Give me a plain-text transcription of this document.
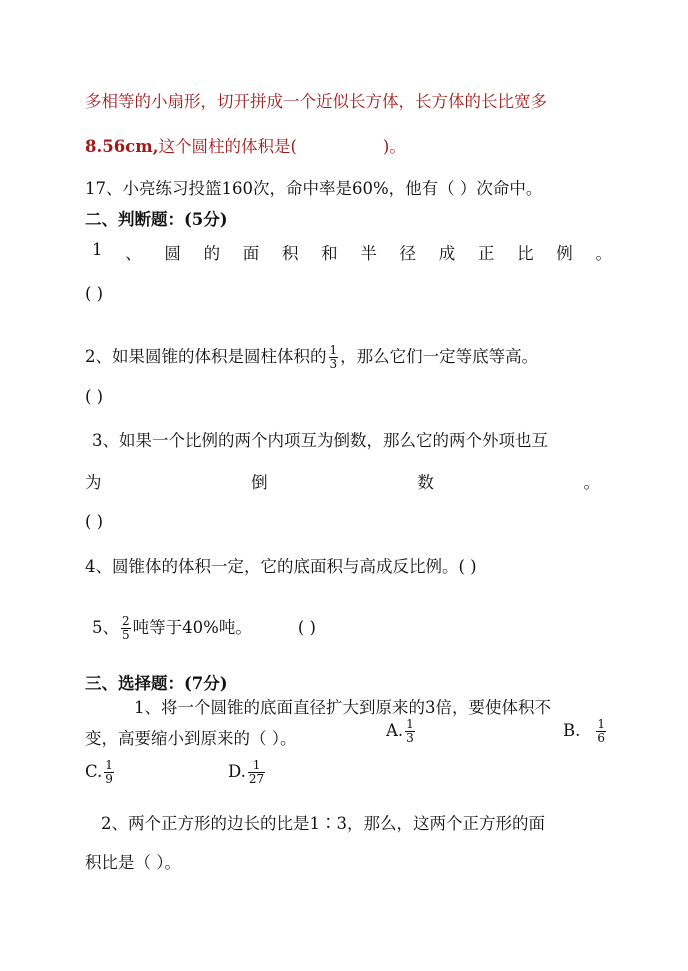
多相等的小扇形，切开拼成一个近似长方体，长方体的长比宽多
8.56cm,这个圆柱的体积是(	)。
17、小亮练习投篮160次，命中率是60%，他有（ ）次命中。
二、判断题：(5分)
1 、 圆 的 面 积 和 半 径 成 正 比 例 。
( )
2、如果圆锥的体积是圆柱体积的 $\frac{1}{3}$ ，那么它们一定等底等高。
( )
3、如果一个比例的两个内项互为倒数，那么它的两个外项也互
为	倒	数	。
( )
4、圆锥体的体积一定，它的底面积与高成反比例。( )
5、 $\frac{2}{5}$ 吨等于40%吨。	( )
三、选择题：(7分)
1、将一个圆锥的底面直径扩大到原来的3倍，要使体积不
变，高要缩小到原来的（ ）。	A. $\frac{1}{3}$	B. $\frac{1}{6}$
C. $\frac{1}{9}$	D. $\frac{1}{27}$
2、两个正方形的边长的比是1∶3，那么，这两个正方形的面
积比是（ ）。
